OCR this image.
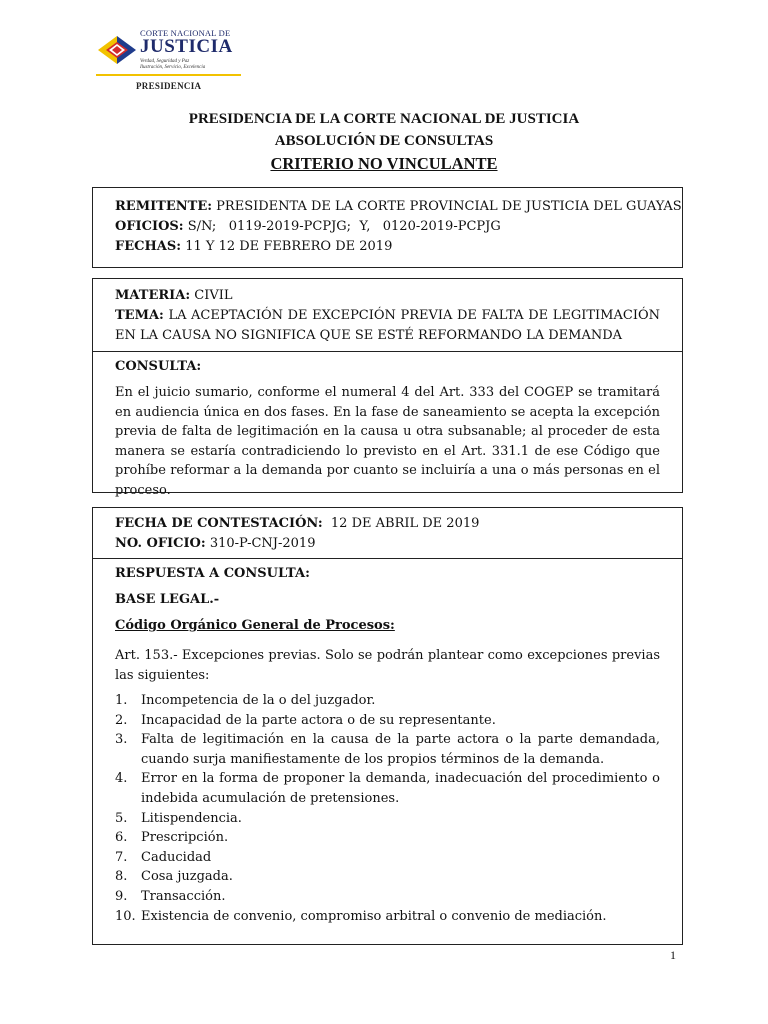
CORTE NACIONAL DE
JUSTICIA
Verdad, Seguridad y Paz
Ilustración, Servicio, Excelencia
PRESIDENCIA
PRESIDENCIA DE LA CORTE NACIONAL DE JUSTICIA
ABSOLUCIÓN DE CONSULTAS
CRITERIO NO VINCULANTE
REMITENTE: PRESIDENTA DE LA CORTE PROVINCIAL DE JUSTICIA DEL GUAYAS
OFICIOS: S/N;   0119-2019-PCPJG;  Y,   0120-2019-PCPJG
FECHAS: 11 Y 12 DE FEBRERO DE 2019
MATERIA: CIVIL
TEMA: LA ACEPTACIÓN DE EXCEPCIÓN PREVIA DE FALTA DE LEGITIMACIÓN EN LA CAUSA NO SIGNIFICA QUE SE ESTÉ REFORMANDO LA DEMANDA
CONSULTA:
En el juicio sumario, conforme el numeral 4 del Art. 333 del COGEP se tramitará en audiencia única en dos fases. En la fase de saneamiento se acepta la excepción previa de falta de legitimación en la causa u otra subsanable; al proceder de esta manera se estaría contradiciendo lo previsto en el Art. 331.1 de ese Código que prohíbe reformar a la demanda por cuanto se incluiría a una o más personas en el proceso.
FECHA DE CONTESTACIÓN: 12 DE ABRIL DE 2019
NO. OFICIO: 310-P-CNJ-2019
RESPUESTA A CONSULTA:
BASE LEGAL.-
Código Orgánico General de Procesos:
Art. 153.- Excepciones previas. Solo se podrán plantear como excepciones previas las siguientes:
1. Incompetencia de la o del juzgador.
2. Incapacidad de la parte actora o de su representante.
3. Falta de legitimación en la causa de la parte actora o la parte demandada, cuando surja manifiestamente de los propios términos de la demanda.
4. Error en la forma de proponer la demanda, inadecuación del procedimiento o indebida acumulación de pretensiones.
5. Litispendencia.
6. Prescripción.
7. Caducidad
8. Cosa juzgada.
9. Transacción.
10. Existencia de convenio, compromiso arbitral o convenio de mediación.
1
